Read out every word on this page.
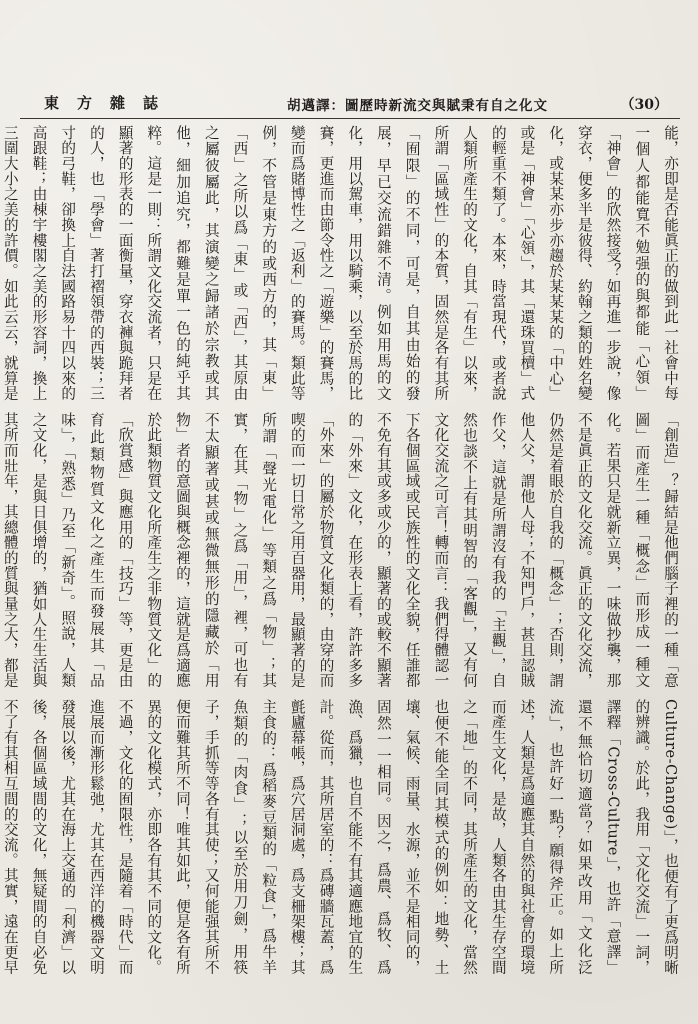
東方雜誌	胡邁譯：圖歷時新流交與賦秉有自之化文	（30）

能，亦即是否能眞正的做到此一社會中每一個人都能寬不勉强的與都能「心領」「神會」的欣然接受？如再進一步說，像穿衣，便多半是彼得、約翰之類的姓名變化，或某某亦步亦趨於某某某的「中心」或是「神會」「心領」，其「還珠買櫝」式的輕重不類了。本來，時當現代，或者說人類所產生的文化，自其「有生」以來，所謂「區域性」的本質，固然是各有其所「囿限」的不同，可是，自其由始的發展，早已交流錯雜不清。例如用馬的文化，用以駕車，用以騎乘，以至於馬的比賽，更進而由節令性之「遊樂」的賽馬，變而爲賭博性之「返利」的賽馬。類此等例，不管是東方的或西方的，其「東」「西」之所以爲「東」或「西」，其原由之屬彼屬此，其演變之歸諸於宗教或其他，細加追究，都難是單一色的純乎其粹。這是一則：所謂文化交流者，只是在顯著的形表的一面衡量，穿衣褲與跪拜者的人，也「學會」著打褶領帶的西裝；三寸的弓鞋，卻換上自法國路易十四以來的高跟鞋；由棟宇樓閣之美的形容詞，換上三圍大小之美的許價。如此云云，就算是

「創造」？歸結是他們腦子裡的一種「意圖」而產生一種「概念」而形成一種文化。若果只是就新立異，一味做抄襲，那不是眞正的文化交流。眞正的文化交流，仍然是着眼於自我的「概念」；否則，謂他人父，謂他人母；不知門戶，甚且認賊作父，這就是所謂沒有我的「主觀」，自然也談不上有其明智的「客觀」，又有何文化交流之可言！轉而言：我們得體認一下各個區域或民族性的文化全貌，任誰都不免有其或多或少的，顯著的或較不顯著的「外來」文化，在形表上看，許許多多「外來」的屬於物質文化類的，由穿的而喫的而一切日常之用百器用，最顯著的是所謂「聲光電化」等類之爲「物」；其實，在其「物」之爲「用」，裡，可也有不太顯著或甚或無微無形的隱藏於「用物」者的意圖與概念裡的，這就是爲適應於此類物質文化所產生之非物質文化」的「欣賞感」與應用的「技巧」等，更是由育此類物質文化之產生而發展其「品味」，「熟悉」乃至「新奇」。照說，人類之文化，是與日俱增的，猶如人生生活與其所而壯年，其總體的質與量之大，都是

Culture-Change)」，也便有了更爲明晰的辨識。於此，我用「文化交流」一詞，譯釋「Cross-Culture」，也許「意譯」還不無恰切適當？如果改用「文化泛流」，也許好一點？願得斧正。如上所述，人類是爲適應其自然的與社會的環境而產生文化，是故，人類各由其生存空間之「地」的不同，其所產生的文化，當然也便不能全同其模式的例如：地勢、土壤、氣候、雨量、水源，並不是相同的，固然一一相同。因之，爲農、爲牧、爲漁、爲獵，也自不能不有其適應地宜的生計。從而，其所居室的：爲磚牆瓦蓋，爲氈廬幕帳，爲穴居洞處，爲支柵架樓；其主食的：爲稻麥豆類的「粒食」，爲牛羊魚類的「肉食」；以至於用刀劍，用筷子，手抓等等各有其使；又何能强其所不便而難其所不同！唯其如此，便是各有所異的文化模式，亦即各有其不同的文化。不過，文化的囿限性，是隨着「時代」而進展而漸形鬆弛，尤其在西洋的機器文明發展以後，尤其在海上交通的「利濟」以後，各個區域間的文化，無疑間的自必免不了有其相互間的交流。其實，遠在更早
